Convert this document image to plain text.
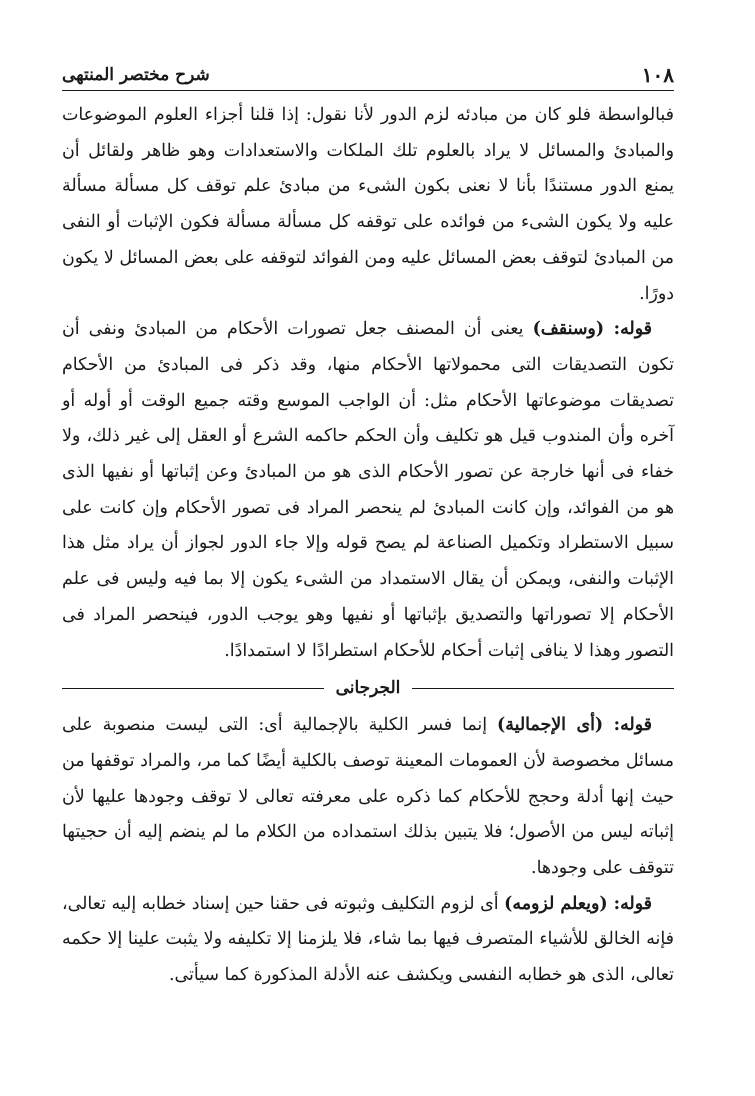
١٠٨
شرح مختصر المنتهى

فبالواسطة فلو كان من مبادئه لزم الدور لأنا نقول: إذا قلنا أجزاء العلوم الموضوعات والمبادئ والمسائل لا يراد بالعلوم تلك الملكات والاستعدادات وهو ظاهر ولقائل أن يمنع الدور مستندًا بأنا لا نعنى بكون الشىء من مبادئ علم توقف كل مسألة مسألة عليه ولا يكون الشىء من فوائده على توقفه كل مسألة مسألة فكون الإثبات أو النفى من المبادئ لتوقف بعض المسائل عليه ومن الفوائد لتوقفه على بعض المسائل لا يكون دورًا.

قوله: (وسنقف) يعنى أن المصنف جعل تصورات الأحكام من المبادئ ونفى أن تكون التصديقات التى محمولاتها الأحكام منها، وقد ذكر فى المبادئ من الأحكام تصديقات موضوعاتها الأحكام مثل: أن الواجب الموسع وقته جميع الوقت أو أوله أو آخره وأن المندوب قيل هو تكليف وأن الحكم حاكمه الشرع أو العقل إلى غير ذلك، ولا خفاء فى أنها خارجة عن تصور الأحكام الذى هو من المبادئ وعن إثباتها أو نفيها الذى هو من الفوائد، وإن كانت المبادئ لم ينحصر المراد فى تصور الأحكام وإن كانت على سبيل الاستطراد وتكميل الصناعة لم يصح قوله وإلا جاء الدور لجواز أن يراد مثل هذا الإثبات والنفى، ويمكن أن يقال الاستمداد من الشىء يكون إلا بما فيه وليس فى علم الأحكام إلا تصوراتها والتصديق بإثباتها أو نفيها وهو يوجب الدور، فينحصر المراد فى التصور وهذا لا ينافى إثبات أحكام للأحكام استطرادًا لا استمدادًا.

الجرجانى

قوله: (أى الإجمالية) إنما فسر الكلية بالإجمالية أى: التى ليست منصوبة على مسائل مخصوصة لأن العمومات المعينة توصف بالكلية أيضًا كما مر، والمراد توقفها من حيث إنها أدلة وحجج للأحكام كما ذكره على معرفته تعالى لا توقف وجودها عليها لأن إثباته ليس من الأصول؛ فلا يتبين بذلك استمداده من الكلام ما لم ينضم إليه أن حجيتها تتوقف على وجودها.

قوله: (ويعلم لزومه) أى لزوم التكليف وثبوته فى حقنا حين إسناد خطابه إليه تعالى، فإنه الخالق للأشياء المتصرف فيها بما شاء، فلا يلزمنا إلا تكليفه ولا يثبت علينا إلا حكمه تعالى، الذى هو خطابه النفسى ويكشف عنه الأدلة المذكورة كما سيأتى.
